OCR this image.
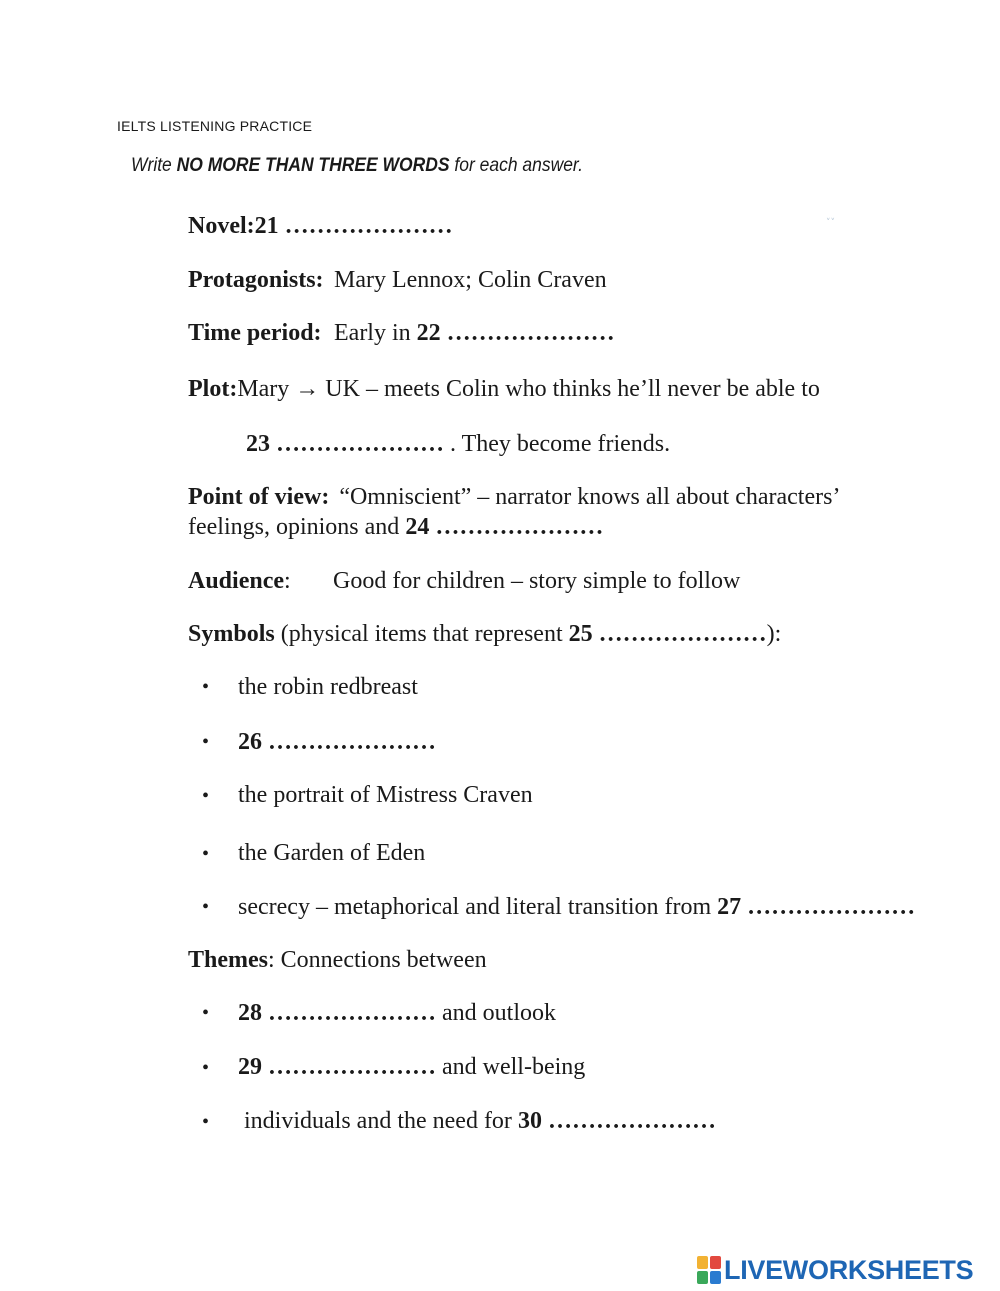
IELTS LISTENING PRACTICE
Write NO MORE THAN THREE WORDS for each answer.
˅˅
Novel:21 …………………
Protagonists: Mary Lennox; Colin Craven
Time period: Early in 22 …………………
Plot:Mary → UK – meets Colin who thinks he’ll never be able to
23 ………………… . They become friends.
Point of view: “Omniscient” – narrator knows all about characters’
feelings, opinions and 24 …………………
Audience: Good for children – story simple to follow
Symbols (physical items that represent 25 …………………):
• the robin redbreast
• 26 …………………
• the portrait of Mistress Craven
• the Garden of Eden
• secrecy – metaphorical and literal transition from 27 …………………
Themes: Connections between
• 28 ………………… and outlook
• 29 ………………… and well-being
• individuals and the need for 30 …………………
LIVEWORKSHEETS
